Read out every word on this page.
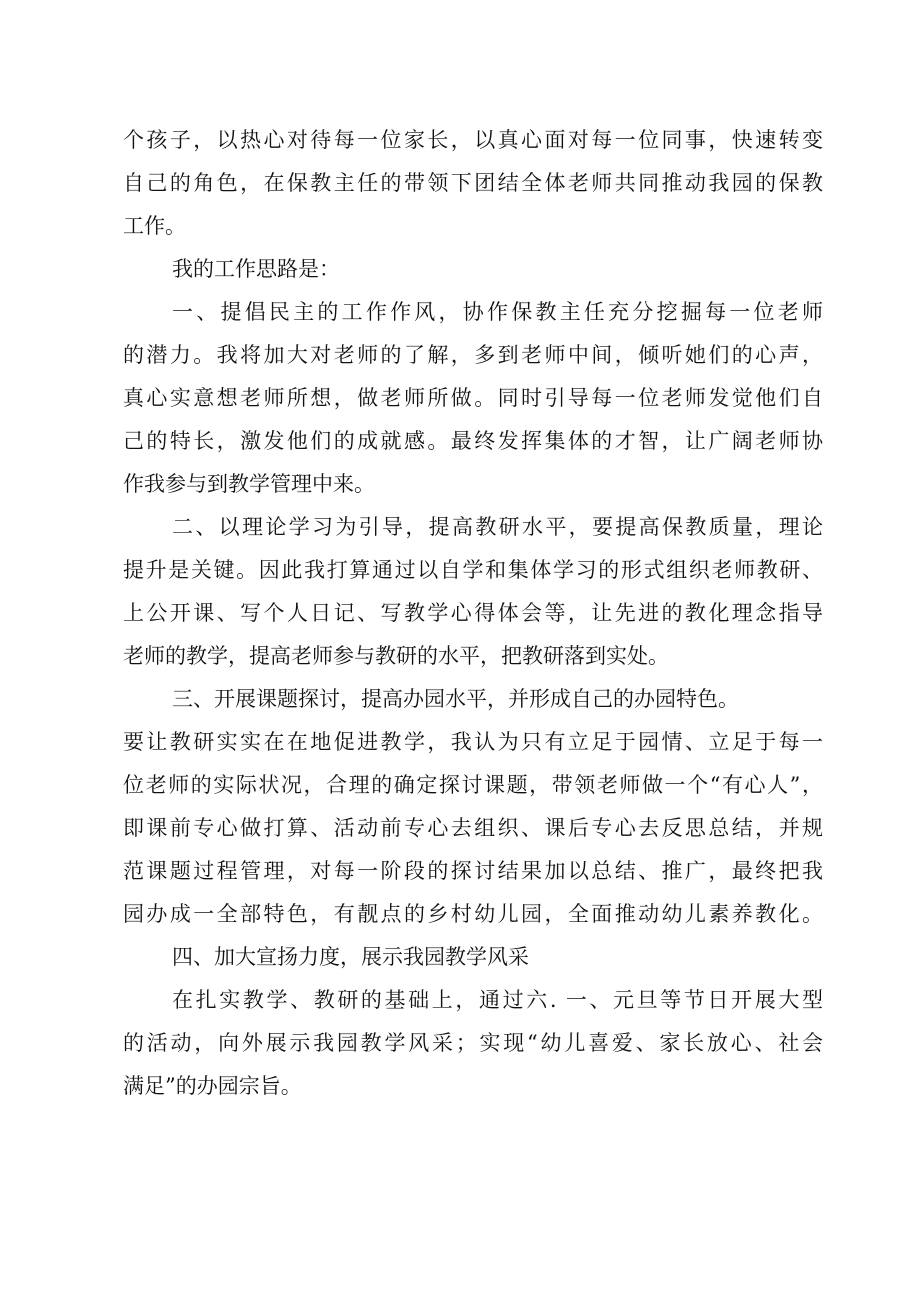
个孩子，以热心对待每一位家长，以真心面对每一位同事，快速转变
自己的角色，在保教主任的带领下团结全体老师共同推动我园的保教
工作。
我的工作思路是：
一、提倡民主的工作作风，协作保教主任充分挖掘每一位老师
的潜力。我将加大对老师的了解，多到老师中间，倾听她们的心声，
真心实意想老师所想，做老师所做。同时引导每一位老师发觉他们自
己的特长，激发他们的成就感。最终发挥集体的才智，让广阔老师协
作我参与到教学管理中来。
二、以理论学习为引导，提高教研水平，要提高保教质量，理论
提升是关键。因此我打算通过以自学和集体学习的形式组织老师教研、
上公开课、写个人日记、写教学心得体会等，让先进的教化理念指导
老师的教学，提高老师参与教研的水平，把教研落到实处。
三、开展课题探讨，提高办园水平，并形成自己的办园特色。
要让教研实实在在地促进教学，我认为只有立足于园情、立足于每一
位老师的实际状况，合理的确定探讨课题，带领老师做一个“有心人”，
即课前专心做打算、活动前专心去组织、课后专心去反思总结，并规
范课题过程管理，对每一阶段的探讨结果加以总结、推广，最终把我
园办成一全部特色，有靓点的乡村幼儿园，全面推动幼儿素养教化。
四、加大宣扬力度，展示我园教学风采
在扎实教学、教研的基础上，通过六. 一、元旦等节日开展大型
的活动，向外展示我园教学风采；实现“幼儿喜爱、家长放心、社会
满足”的办园宗旨。
